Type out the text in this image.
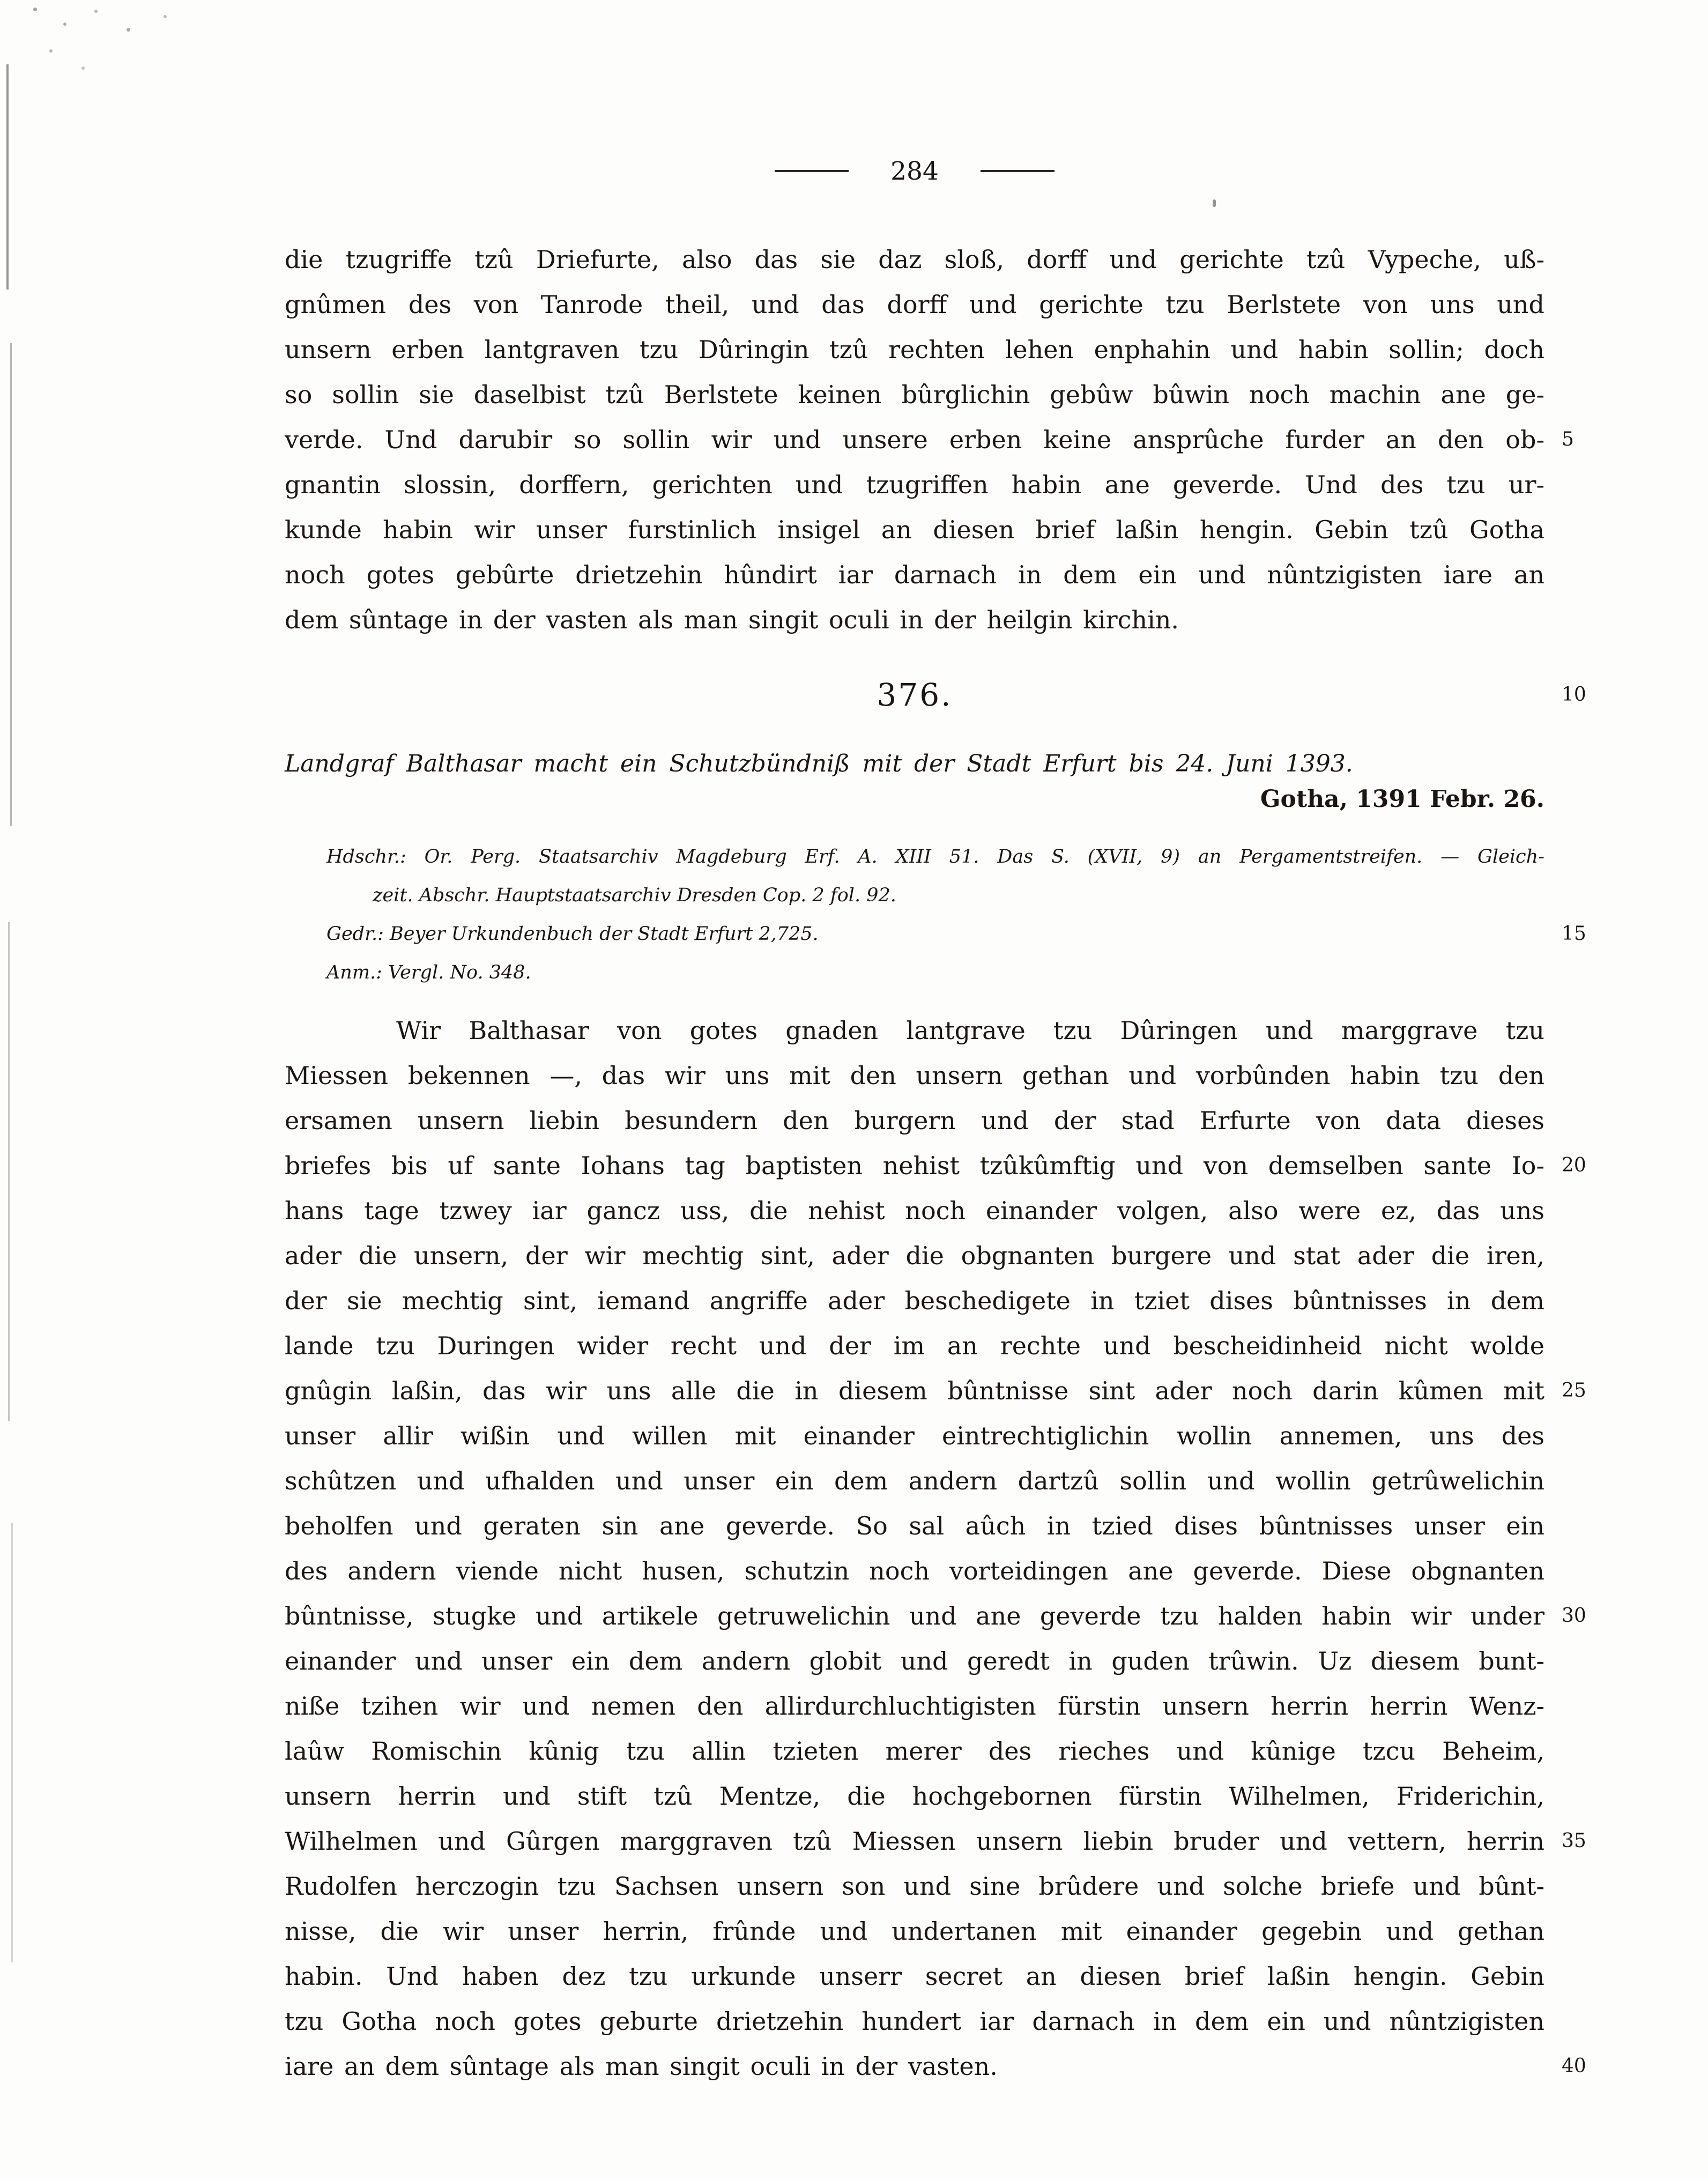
284
die tzugriffe tzû Driefurte, also das sie daz sloß, dorff und gerichte tzû Vypeche, uß-
gnûmen des von Tanrode theil, und das dorff und gerichte tzu Berlstete von uns und
unsern erben lantgraven tzu Dûringin tzû rechten lehen enphahin und habin sollin; doch
so sollin sie daselbist tzû Berlstete keinen bûrglichin gebûw bûwin noch machin ane ge-
verde. Und darubir so sollin wir und unsere erben keine ansprûche furder an den ob- 5
gnantin slossin, dorffern, gerichten und tzugriffen habin ane geverde. Und des tzu ur-
kunde habin wir unser furstinlich insigel an diesen brief laßin hengin. Gebin tzû Gotha
noch gotes gebûrte drietzehin hûndirt iar darnach in dem ein und nûntzigisten iare an
dem sûntage in der vasten als man singit oculi in der heilgin kirchin.
376.	10
Landgraf Balthasar macht ein Schutzbündniß mit der Stadt Erfurt bis 24. Juni 1393.
Gotha, 1391 Febr. 26.
Hdschr.: Or. Perg. Staatsarchiv Magdeburg Erf. A. XIII 51. Das S. (XVII, 9) an Pergamentstreifen. — Gleich-
zeit. Abschr. Hauptstaatsarchiv Dresden Cop. 2 fol. 92.
Gedr.: Beyer Urkundenbuch der Stadt Erfurt 2,725.	15
Anm.: Vergl. No. 348.
Wir Balthasar von gotes gnaden lantgrave tzu Dûringen und marggrave tzu
Miessen bekennen —, das wir uns mit den unsern gethan und vorbûnden habin tzu den
ersamen unsern liebin besundern den burgern und der stad Erfurte von data dieses
briefes bis uf sante Iohans tag baptisten nehist tzûkûmftig und von demselben sante Io- 20
hans tage tzwey iar gancz uss, die nehist noch einander volgen, also were ez, das uns
ader die unsern, der wir mechtig sint, ader die obgnanten burgere und stat ader die iren,
der sie mechtig sint, iemand angriffe ader beschedigete in tziet dises bûntnisses in dem
lande tzu Duringen wider recht und der im an rechte und bescheidinheid nicht wolde
gnûgin laßin, das wir uns alle die in diesem bûntnisse sint ader noch darin kûmen mit 25
unser allir wißin und willen mit einander eintrechtiglichin wollin annemen, uns des
schûtzen und ufhalden und unser ein dem andern dartzû sollin und wollin getrûwelichin
beholfen und geraten sin ane geverde. So sal aûch in tzied dises bûntnisses unser ein
des andern viende nicht husen, schutzin noch vorteidingen ane geverde. Diese obgnanten
bûntnisse, stugke und artikele getruwelichin und ane geverde tzu halden habin wir under 30
einander und unser ein dem andern globit und geredt in guden trûwin. Uz diesem bunt-
niße tzihen wir und nemen den allirdurchluchtigisten fürstin unsern herrin herrin Wenz-
laûw Romischin kûnig tzu allin tzieten merer des rieches und kûnige tzcu Beheim,
unsern herrin und stift tzû Mentze, die hochgebornen fürstin Wilhelmen, Friderichin,
Wilhelmen und Gûrgen marggraven tzû Miessen unsern liebin bruder und vettern, herrin 35
Rudolfen herczogin tzu Sachsen unsern son und sine brûdere und solche briefe und bûnt-
nisse, die wir unser herrin, frûnde und undertanen mit einander gegebin und gethan
habin. Und haben dez tzu urkunde unserr secret an diesen brief laßin hengin. Gebin
tzu Gotha noch gotes geburte drietzehin hundert iar darnach in dem ein und nûntzigisten
iare an dem sûntage als man singit oculi in der vasten.	40
